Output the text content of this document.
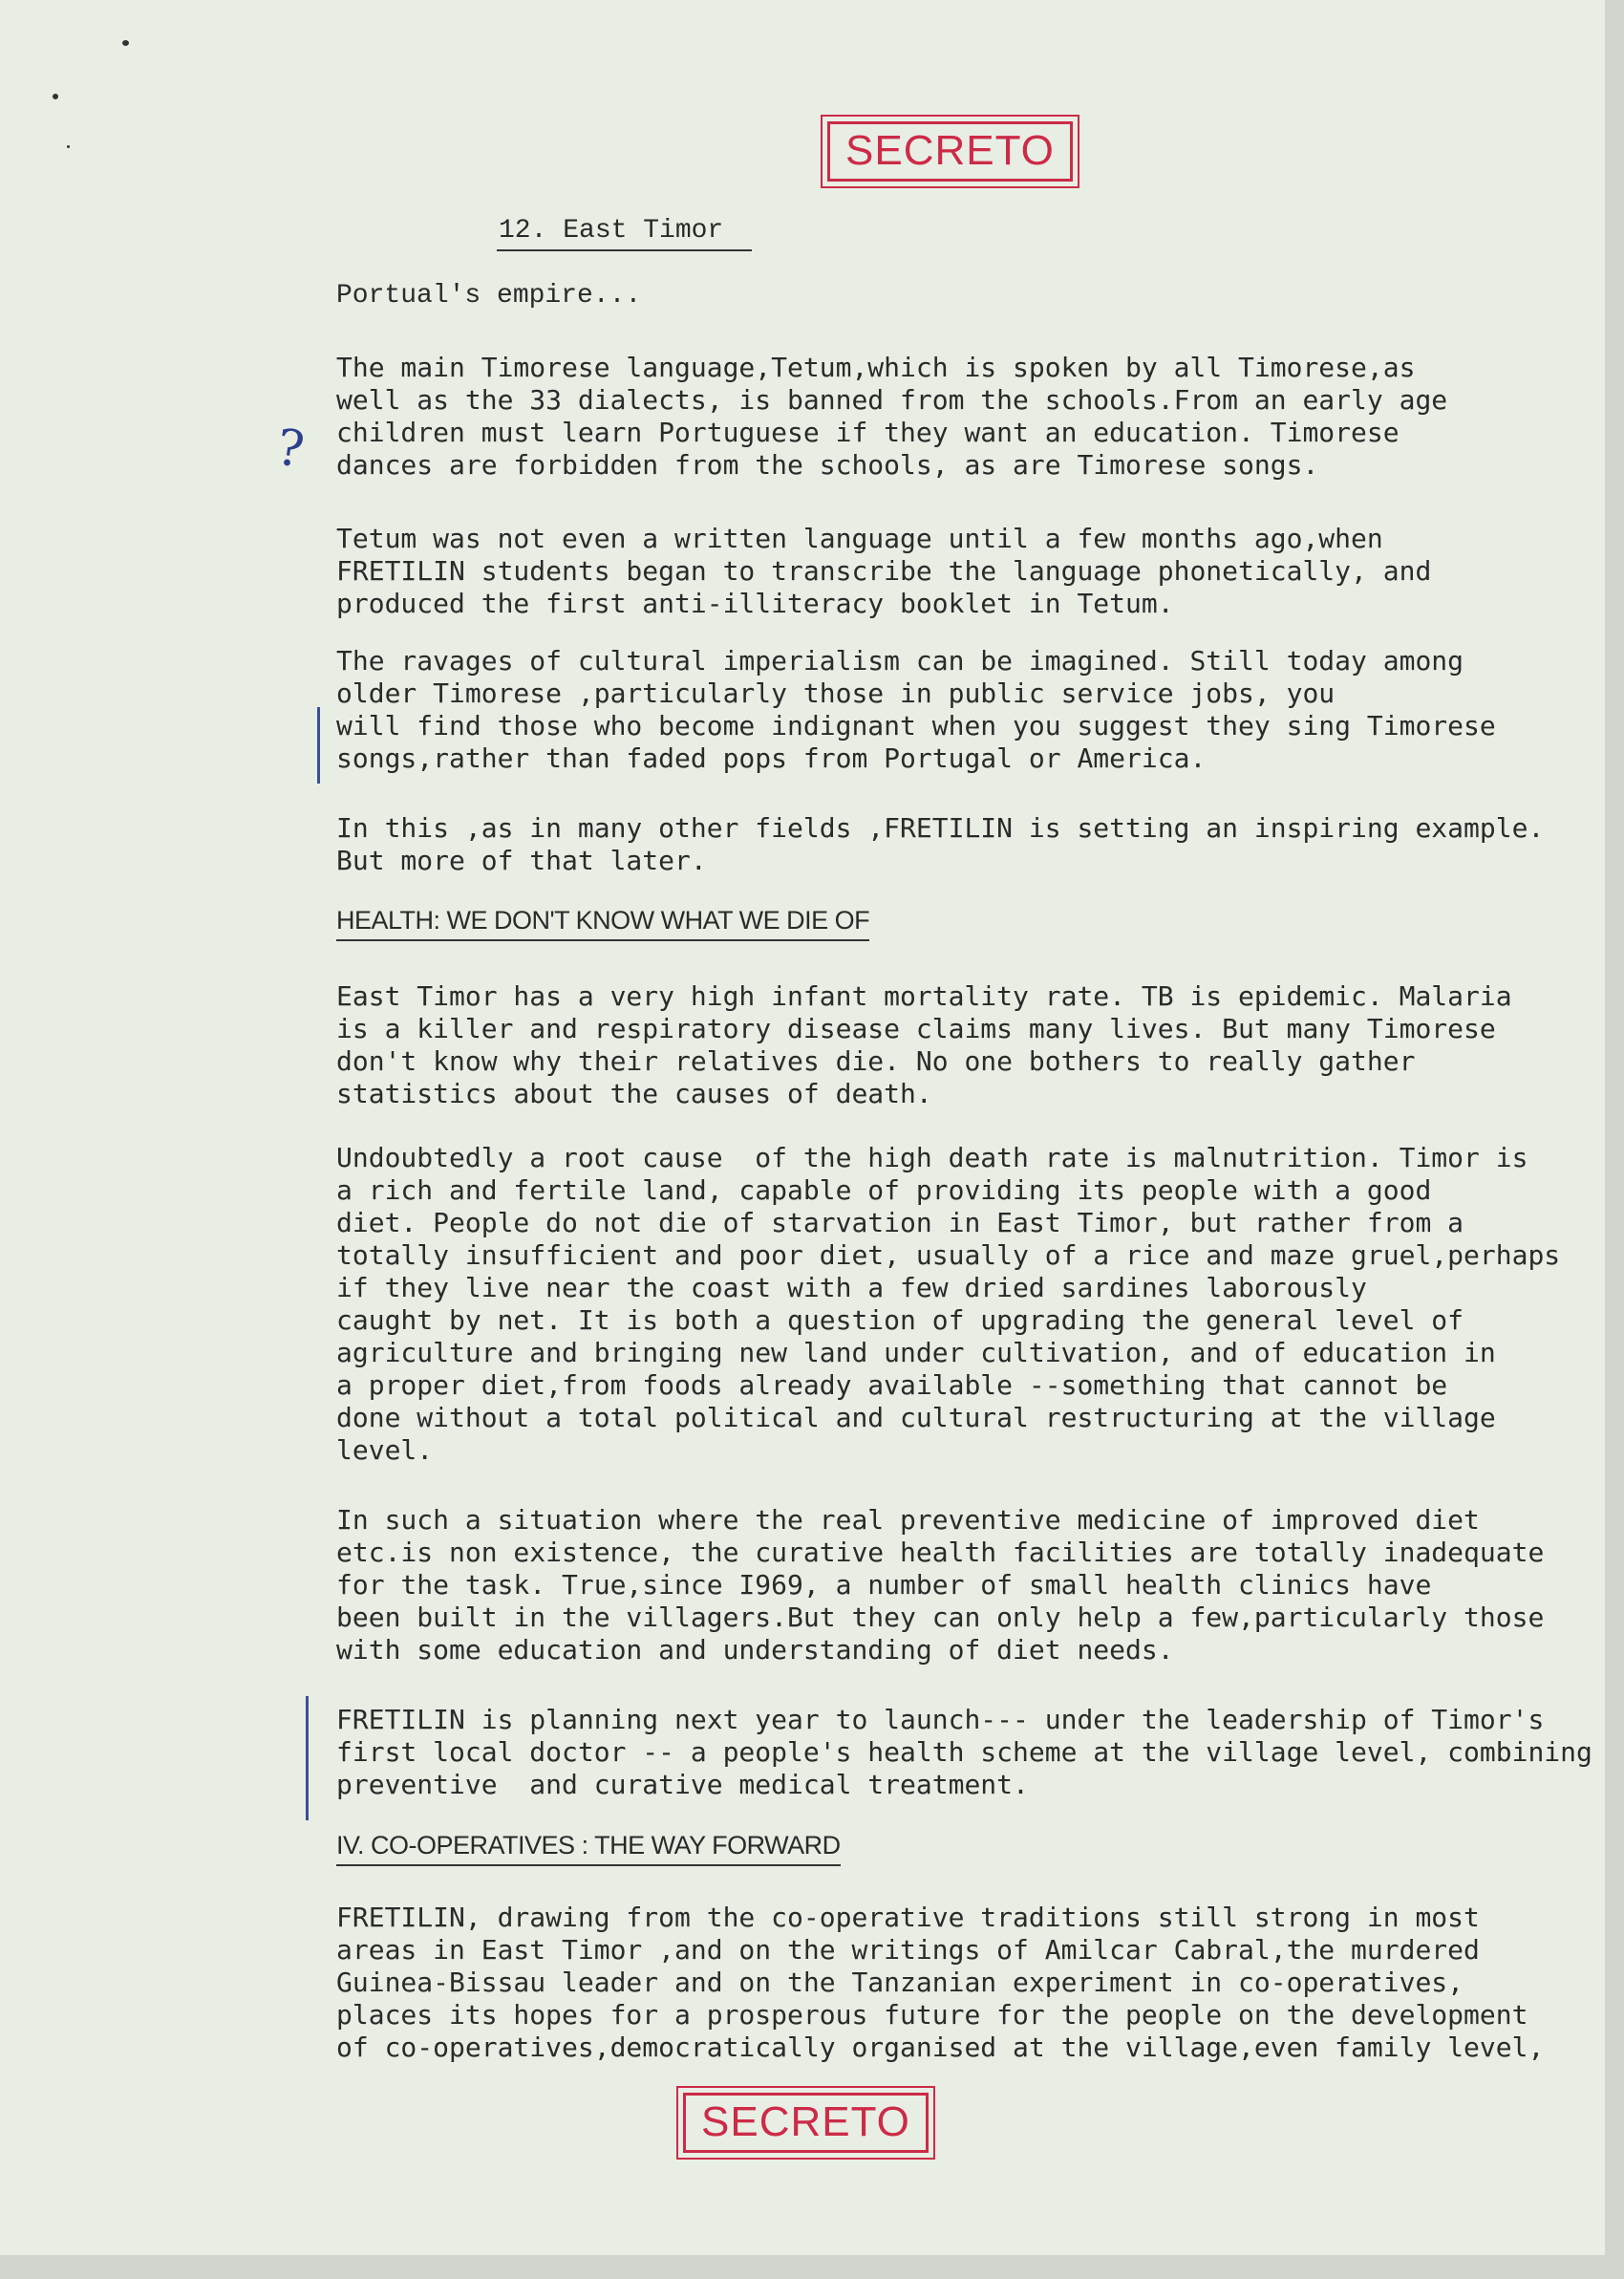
SECRETO
12. East Timor
Portual's empire...
?
The main Timorese language,Tetum,which is spoken by all Timorese,as
well as the 33 dialects, is banned from the schools.From an early age
children must learn Portuguese if they want an education. Timorese
dances are forbidden from the schools, as are Timorese songs.
Tetum was not even a written language until a few months ago,when
FRETILIN students began to transcribe the language phonetically, and
produced the first anti-illiteracy booklet in Tetum.
The ravages of cultural imperialism can be imagined. Still today among
older Timorese ,particularly those in public service jobs, you
will find those who become indignant when you suggest they sing Timorese
songs,rather than faded pops from Portugal or America.
In this ,as in many other fields ,FRETILIN is setting an inspiring example.
But more of that later.
HEALTH: WE DON'T KNOW WHAT WE DIE OF
East Timor has a very high infant mortality rate. TB is epidemic. Malaria
is a killer and respiratory disease claims many lives. But many Timorese
don't know why their relatives die. No one bothers to really gather
statistics about the causes of death.
Undoubtedly a root cause  of the high death rate is malnutrition. Timor is
a rich and fertile land, capable of providing its people with a good
diet. People do not die of starvation in East Timor, but rather from a
totally insufficient and poor diet, usually of a rice and maze gruel,perhaps
if they live near the coast with a few dried sardines laborously
caught by net. It is both a question of upgrading the general level of
agriculture and bringing new land under cultivation, and of education in
a proper diet,from foods already available --something that cannot be
done without a total political and cultural restructuring at the village
level.
In such a situation where the real preventive medicine of improved diet
etc.is non existence, the curative health facilities are totally inadequate
for the task. True,since I969, a number of small health clinics have
been built in the villagers.But they can only help a few,particularly those
with some education and understanding of diet needs.
FRETILIN is planning next year to launch--- under the leadership of Timor's
first local doctor -- a people's health scheme at the village level, combining
preventive  and curative medical treatment.
IV. CO-OPERATIVES : THE WAY FORWARD
FRETILIN, drawing from the co-operative traditions still strong in most
areas in East Timor ,and on the writings of Amilcar Cabral,the murdered
Guinea-Bissau leader and on the Tanzanian experiment in co-operatives,
places its hopes for a prosperous future for the people on the development
of co-operatives,democratically organised at the village,even family level,
SECRETO
